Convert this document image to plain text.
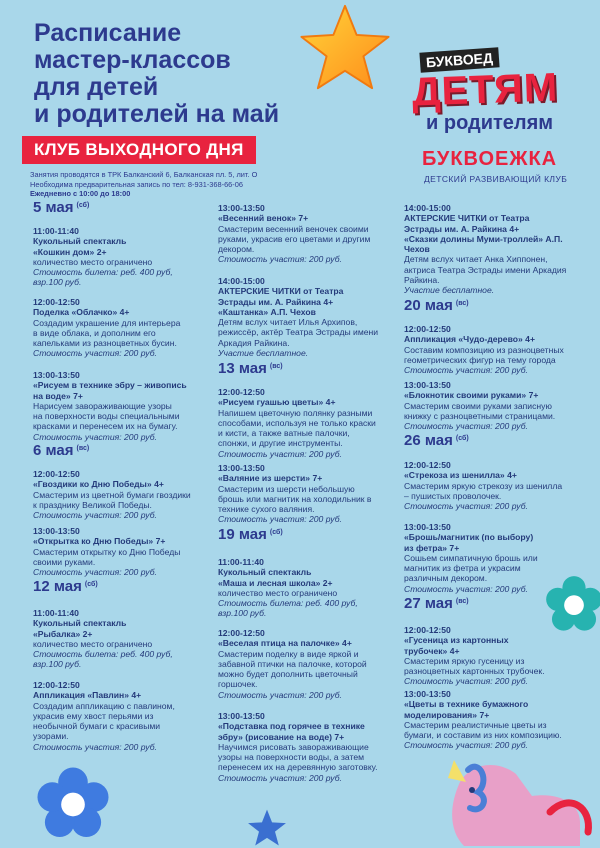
Расписание
мастер-классов
для детей
и родителей на май
КЛУБ ВЫХОДНОГО ДНЯ
Занятия проводятся в ТРК Балканский 6, Балканская пл. 5, лит. О
Необходима предварительная запись по тел: 8-931-368-66-06
Ежедневно с 10:00 до 18:00
БУКВОЕД
ДЕТЯМ
и родителям
БУКВОЕЖКА
ДЕТСКИЙ РАЗВИВАЮЩИЙ КЛУБ
5 мая $^{(сб)}$
11:00-11:40
Кукольный спектакль
«Кошкин дом» 2+
количество место ограничено
Стоимость билета: реб. 400 руб,
взр.100 руб.
12:00-12:50
Поделка «Облачко» 4+
Создадим украшение для интерьера
в виде облака, и дополним его
капельками из разноцветных бусин.
Стоимость участия: 200 руб.
13:00-13:50
«Рисуем в технике эбру – живопись
на воде» 7+
Нарисуем завораживающие узоры
на поверхности воды специальными
красками и перенесем их на бумагу.
Стоимость участия: 200 руб.
6 мая $^{(вс)}$
12:00-12:50
«Гвоздики ко Дню Победы» 4+
Смастерим из цветной бумаги гвоздики
к празднику Великой Победы.
Стоимость участия: 200 руб.
13:00-13:50
«Открытка ко Дню Победы» 7+
Смастерим открытку ко Дню Победы
своими руками.
Стоимость участия: 200 руб.
12 мая $^{(сб)}$
11:00-11:40
Кукольный спектакль
«Рыбалка» 2+
количество место ограничено
Стоимость билета: реб. 400 руб,
взр.100 руб.
12:00-12:50
Аппликация «Павлин» 4+
Создадим аппликацию с павлином,
украсив ему хвост перьями из
необычной бумаги с красивыми
узорами.
Стоимость участия: 200 руб.
13:00-13:50
«Весенний венок» 7+
Смастерим весенний веночек своими
руками, украсив его цветами и другим
декором.
Стоимость участия: 200 руб.
14:00-15:00
АКТЕРСКИЕ ЧИТКИ от Театра
Эстрады им. А. Райкина 4+
«Каштанка» А.П. Чехов
Детям вслух читает Илья Архипов,
режиссёр, актёр Театра Эстрады имени
Аркадия Райкина.
Участие бесплатное.
13 мая $^{(вс)}$
12:00-12:50
«Рисуем гуашью цветы» 4+
Напишем цветочную полянку разными
способами, используя не только краски
и кисти, а также ватные палочки,
спонжи, и другие инструменты.
Стоимость участия: 200 руб.
13:00-13:50
«Валяние из шерсти» 7+
Смастерим из шерсти небольшую
брошь или магнитик на холодильник в
технике сухого валяния.
Стоимость участия: 200 руб.
19 мая $^{(сб)}$
11:00-11:40
Кукольный спектакль
«Маша и лесная школа» 2+
количество место ограничено
Стоимость билета: реб. 400 руб,
взр.100 руб.
12:00-12:50
«Веселая птица на палочке» 4+
Смастерим поделку в виде яркой и
забавной птички на палочке, которой
можно будет дополнить цветочный
горшочек.
Стоимость участия: 200 руб.
13:00-13:50
«Подставка под горячее в технике
эбру» (рисование на воде) 7+
Научимся рисовать завораживающие
узоры на поверхности воды, а затем
перенесем их на деревянную заготовку.
Стоимость участия: 200 руб.
14:00-15:00
АКТЕРСКИЕ ЧИТКИ от Театра
Эстрады им. А. Райкина 4+
«Сказки долины Муми-троллей» А.П.
Чехов
Детям вслух читает Анка Хиппонен,
актриса Театра Эстрады имени Аркадия
Райкина.
Участие бесплатное.
20 мая $^{(вс)}$
12:00-12:50
Аппликация «Чудо-дерево» 4+
Составим композицию из разноцветных
геометрических фигур на тему города
Стоимость участия: 200 руб.
13:00-13:50
«Блокнотик своими руками» 7+
Смастерим своими руками записную
книжку с разноцветными страницами.
Стоимость участия: 200 руб.
26 мая $^{(сб)}$
12:00-12:50
«Стрекоза из шенилла» 4+
Смастерим яркую стрекозу из шенилла
– пушистых проволочек.
Стоимость участия: 200 руб.
13:00-13:50
«Брошь/магнитик (по выбору)
из фетра» 7+
Сошьем симпатичную брошь или
магнитик из фетра и украсим
различным декором.
Стоимость участия: 200 руб.
27 мая $^{(вс)}$
12:00-12:50
«Гусеница из картонных
трубочек» 4+
Смастерим яркую гусеницу из
разноцветных картонных трубочек.
Стоимость участия: 200 руб.
13:00-13:50
«Цветы в технике бумажного
моделирования» 7+
Смастерим реалистичные цветы из
бумаги, и составим из них композицию.
Стоимость участия: 200 руб.
